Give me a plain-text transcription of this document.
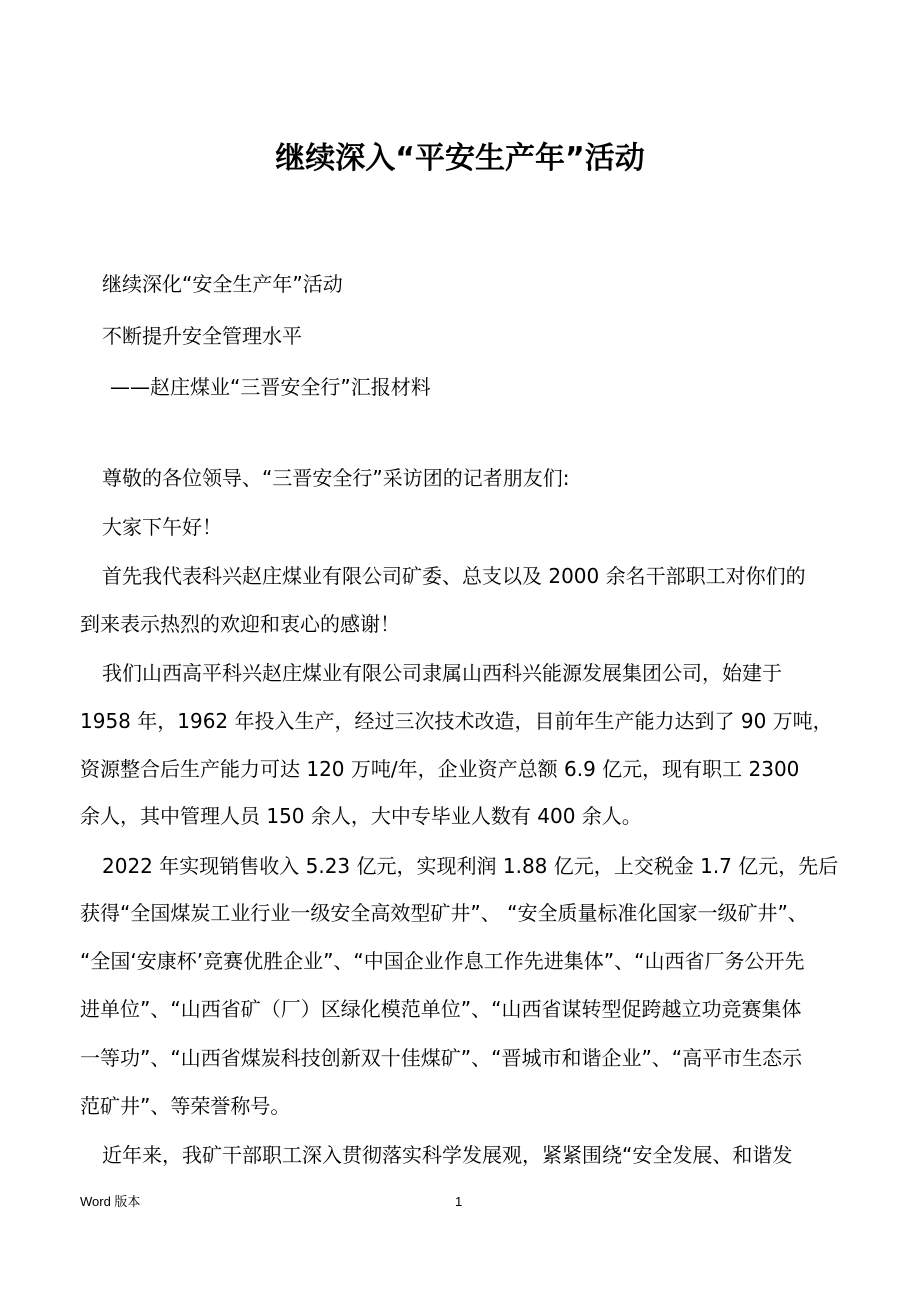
继续深入“平安生产年”活动

继续深化“安全生产年”活动

不断提升安全管理水平

——赵庄煤业“三晋安全行”汇报材料

尊敬的各位领导、“三晋安全行”采访团的记者朋友们:

大家下午好！

首先我代表科兴赵庄煤业有限公司矿委、总支以及 2000 余名干部职工对你们的

到来表示热烈的欢迎和衷心的感谢！

我们山西高平科兴赵庄煤业有限公司隶属山西科兴能源发展集团公司，始建于

1958 年，1962 年投入生产，经过三次技术改造，目前年生产能力达到了 90 万吨，

资源整合后生产能力可达 120 万吨/年，企业资产总额 6.9 亿元，现有职工 2300

余人，其中管理人员 150 余人，大中专毕业人数有 400 余人。

2022 年实现销售收入 5.23 亿元，实现利润 1.88 亿元，上交税金 1.7 亿元，先后

获得“全国煤炭工业行业一级安全高效型矿井”、 “安全质量标准化国家一级矿井”、

“全国‘安康杯’竞赛优胜企业”、“中国企业作息工作先进集体”、“山西省厂务公开先

进单位”、“山西省矿（厂）区绿化模范单位”、“山西省谋转型促跨越立功竞赛集体

一等功”、“山西省煤炭科技创新双十佳煤矿”、“晋城市和谐企业”、“高平市生态示

范矿井”、等荣誉称号。

近年来，我矿干部职工深入贯彻落实科学发展观，紧紧围绕“安全发展、和谐发

Word 版本	1
